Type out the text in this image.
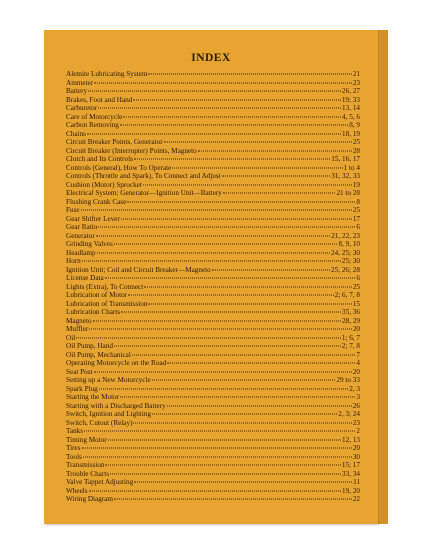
INDEX
Alemite Lubricating System	21
Ammeter	23
Battery	26, 27
Brakes, Foot and Hand	19; 33
Carburetor	13, 14
Care of Motorcycle	4, 5, 6
Carbon Removing	8, 9
Chains	18, 19
Circuit Breaker Points, Generator	25
Circuit Breaker (Interrupter) Points, Magneto	28
Clutch and Its Controls	15, 16, 17
Controls (General), How To Operate	1 to 4
Controls (Throttle and Spark), To Connect and Adjust	31, 32, 33
Cushion (Motor) Sprocket	19
Electrical System; Generator—Ignition Unit—Battery	21 to 28
Flushing Crank Case	8
Fuse	25
Gear Shifter Lever	17
Gear Ratio	6
Generator	21, 22, 23
Grinding Valves	8, 9, 10
Headlamp	24, 25; 30
Horn	25; 30
Ignition Unit; Coil and Circuit Breaker—Magneto	25, 26; 28
License Data	6
Lights (Extra), To Connect	25
Lubrication of Motor	2; 6, 7, 8
Lubrication of Transmission	15
Lubrication Charts	35, 36
Magneto	28, 29
Muffler	20
Oil	1; 6, 7
Oil Pump, Hand	2; 7, 8
Oil Pump, Mechanical	7
Operating Motorcycle on the Road	4
Seat Post	20
Setting up a New Motorcycle	29 to 33
Spark Plug	2, 3
Starting the Motor	3
Starting with a Discharged Battery	26
Switch, Ignition and Lighting	2, 3; 24
Switch, Cutout (Relay)	23
Tanks	2
Timing Motor	12, 13
Tires	20
Tools	30
Transmission	15; 17
Trouble Charts	33, 34
Valve Tappet Adjusting	11
Wheels	19, 20
Wiring Diagram	22
